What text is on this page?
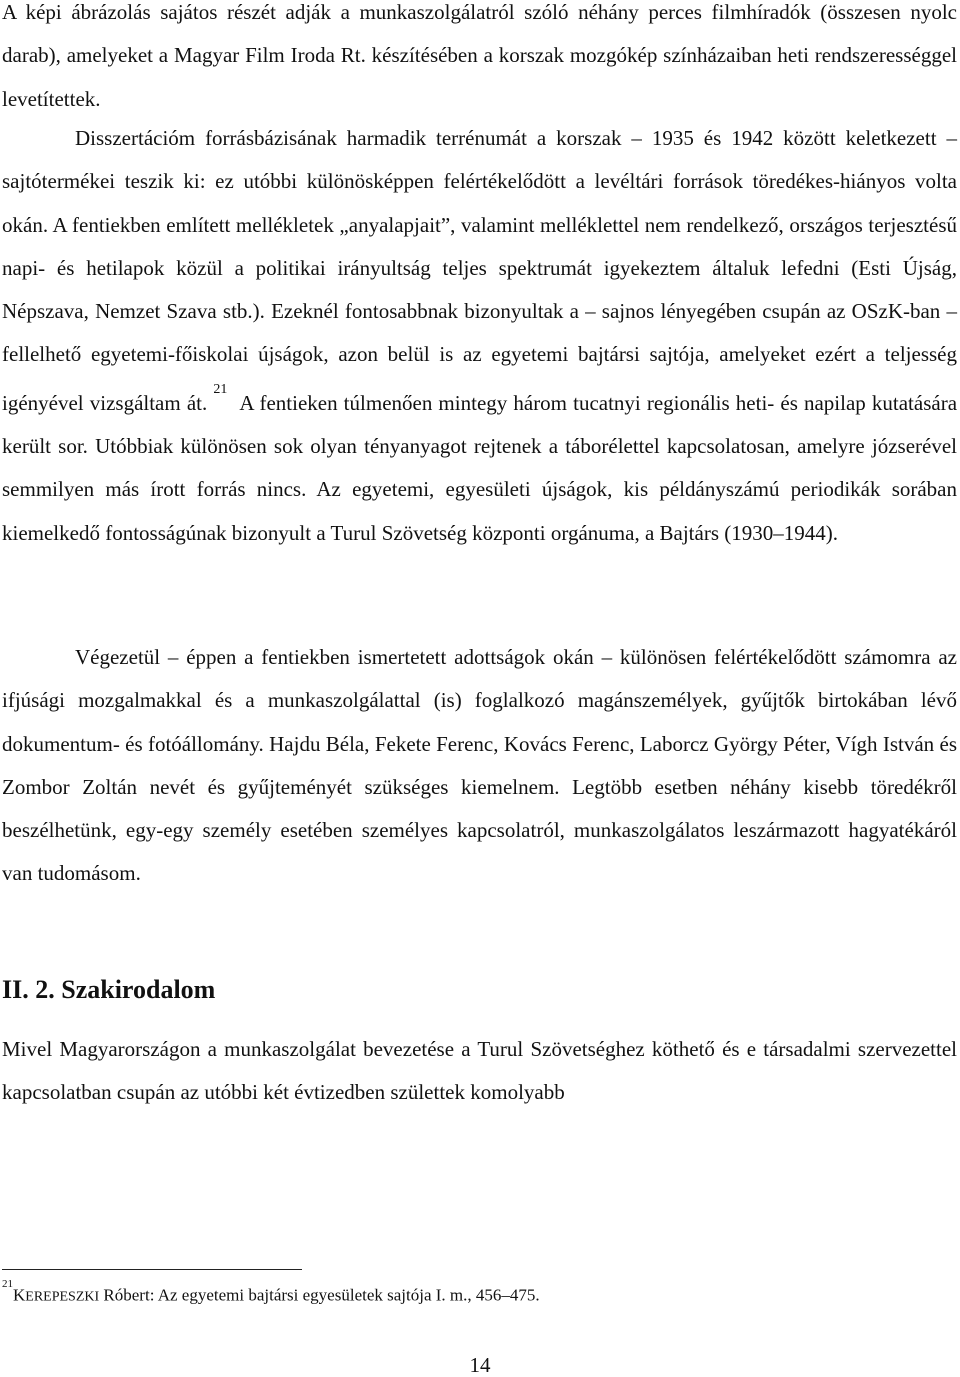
A képi ábrázolás sajátos részét adják a munkaszolgálatról szóló néhány perces filmhíradók (összesen nyolc darab), amelyeket a Magyar Film Iroda Rt. készítésében a korszak mozgókép színházaiban heti rendszerességgel levetítettek.

Disszertációm forrásbázisának harmadik terrénumát a korszak – 1935 és 1942 között keletkezett – sajtótermékei teszik ki: ez utóbbi különösképpen felértékelődött a levéltári források töredékes-hiányos volta okán. A fentiekben említett mellékletek „anyalapjait”, valamint melléklettel nem rendelkező, országos terjesztésű napi- és hetilapok közül a politikai irányultság teljes spektrumát igyekeztem általuk lefedni (Esti Újság, Népszava, Nemzet Szava stb.). Ezeknél fontosabbnak bizonyultak a – sajnos lényegében csupán az OSzK-ban – fellelhető egyetemi-főiskolai újságok, azon belül is az egyetemi bajtársi sajtója, amelyeket ezért a teljesség igényével vizsgáltam át. $^{21}$A fentieken túlmenően mintegy három tucatnyi regionális heti- és napilap kutatására került sor. Utóbbiak különösen sok olyan tényanyagot rejtenek a táborélettel kapcsolatosan, amelyre józserével semmilyen más írott forrás nincs. Az egyetemi, egyesületi újságok, kis példányszámú periodikák sorában kiemelkedő fontosságúnak bizonyult a Turul Szövetség központi orgánuma, a Bajtárs (1930–1944).

Végezetül – éppen a fentiekben ismertetett adottságok okán – különösen felértékelődött számomra az ifjúsági mozgalmakkal és a munkaszolgálattal (is) foglalkozó magánszemélyek, gyűjtők birtokában lévő dokumentum- és fotóállomány. Hajdu Béla, Fekete Ferenc, Kovács Ferenc, Laborcz György Péter, Vígh István és Zombor Zoltán nevét és gyűjteményét szükséges kiemelnem. Legtöbb esetben néhány kisebb töredékről beszélhetünk, egy-egy személy esetében személyes kapcsolatról, munkaszolgálatos leszármazott hagyatékáról van tudomásom.

II. 2. Szakirodalom

Mivel Magyarországon a munkaszolgálat bevezetése a Turul Szövetséghez köthető és e társadalmi szervezettel kapcsolatban csupán az utóbbi két évtizedben születtek komolyabb

$^{21}$KEREPESZKI Róbert: Az egyetemi bajtársi egyesületek sajtója I. m., 456–475.

14
